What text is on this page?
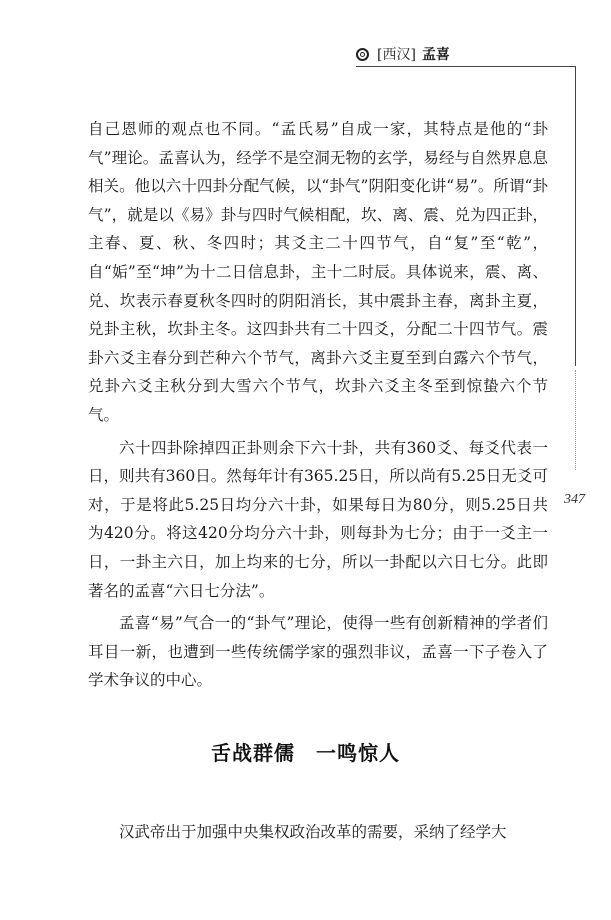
[西汉] 孟喜
347

自己恩师的观点也不同。“孟氏易”自成一家，其特点是他的“卦气”理论。孟喜认为，经学不是空洞无物的玄学，易经与自然界息息相关。他以六十四卦分配气候，以“卦气”阴阳变化讲“易”。所谓“卦气”，就是以《易》卦与四时气候相配，坎、离、震、兑为四正卦，主春、夏、秋、冬四时；其爻主二十四节气，自“复”至“乾”，自“姤”至“坤”为十二日信息卦，主十二时辰。具体说来，震、离、兑、坎表示春夏秋冬四时的阴阳消长，其中震卦主春，离卦主夏，兑卦主秋，坎卦主冬。这四卦共有二十四爻，分配二十四节气。震卦六爻主春分到芒种六个节气，离卦六爻主夏至到白露六个节气，兑卦六爻主秋分到大雪六个节气，坎卦六爻主冬至到惊蛰六个节气。

六十四卦除掉四正卦则余下六十卦，共有360爻、每爻代表一日，则共有360日。然每年计有365.25日，所以尚有5.25日无爻可对，于是将此5.25日均分六十卦，如果每日为80分，则5.25日共为420分。将这420分均分六十卦，则每卦为七分；由于一爻主一日，一卦主六日，加上均来的七分，所以一卦配以六日七分。此即著名的孟喜“六日七分法”。

孟喜“易”气合一的“卦气”理论，使得一些有创新精神的学者们耳目一新，也遭到一些传统儒学家的强烈非议，孟喜一下子卷入了学术争议的中心。

舌战群儒　一鸣惊人

汉武帝出于加强中央集权政治改革的需要，采纳了经学大
